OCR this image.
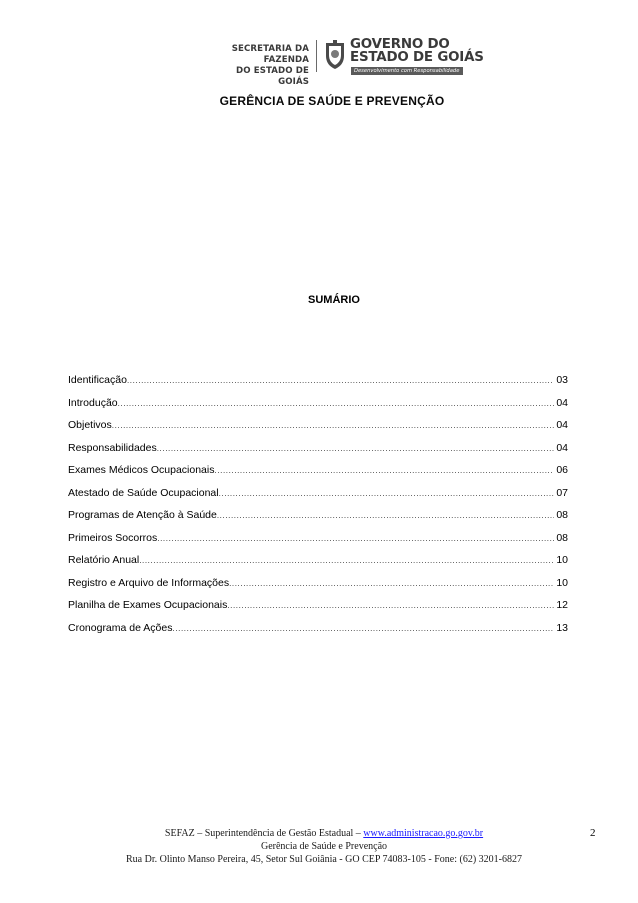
SECRETARIA DA FAZENDA
DO ESTADO DE GOIÁS
GOVERNO DO
ESTADO DE GOIÁS
Desenvolvimento com Responsabilidade
GERÊNCIA DE SAÚDE E PREVENÇÃO
SUMÁRIO
Identificação .....	03
Introdução .....	04
Objetivos .....	04
Responsabilidades .....	04
Exames Médicos Ocupacionais .....	06
Atestado de Saúde Ocupacional .....	07
Programas de Atenção à Saúde .....	08
Primeiros Socorros .....	08
Relatório Anual .....	10
Registro e Arquivo de Informações .....	10
Planilha de Exames Ocupacionais .....	12
Cronograma de Ações .....	13
SEFAZ – Superintendência de Gestão Estadual – www.administracao.go.gov.br
Gerência de Saúde e Prevenção
Rua Dr. Olinto Manso Pereira, 45, Setor Sul Goiânia - GO CEP 74083-105 - Fone: (62) 3201-6827
2
